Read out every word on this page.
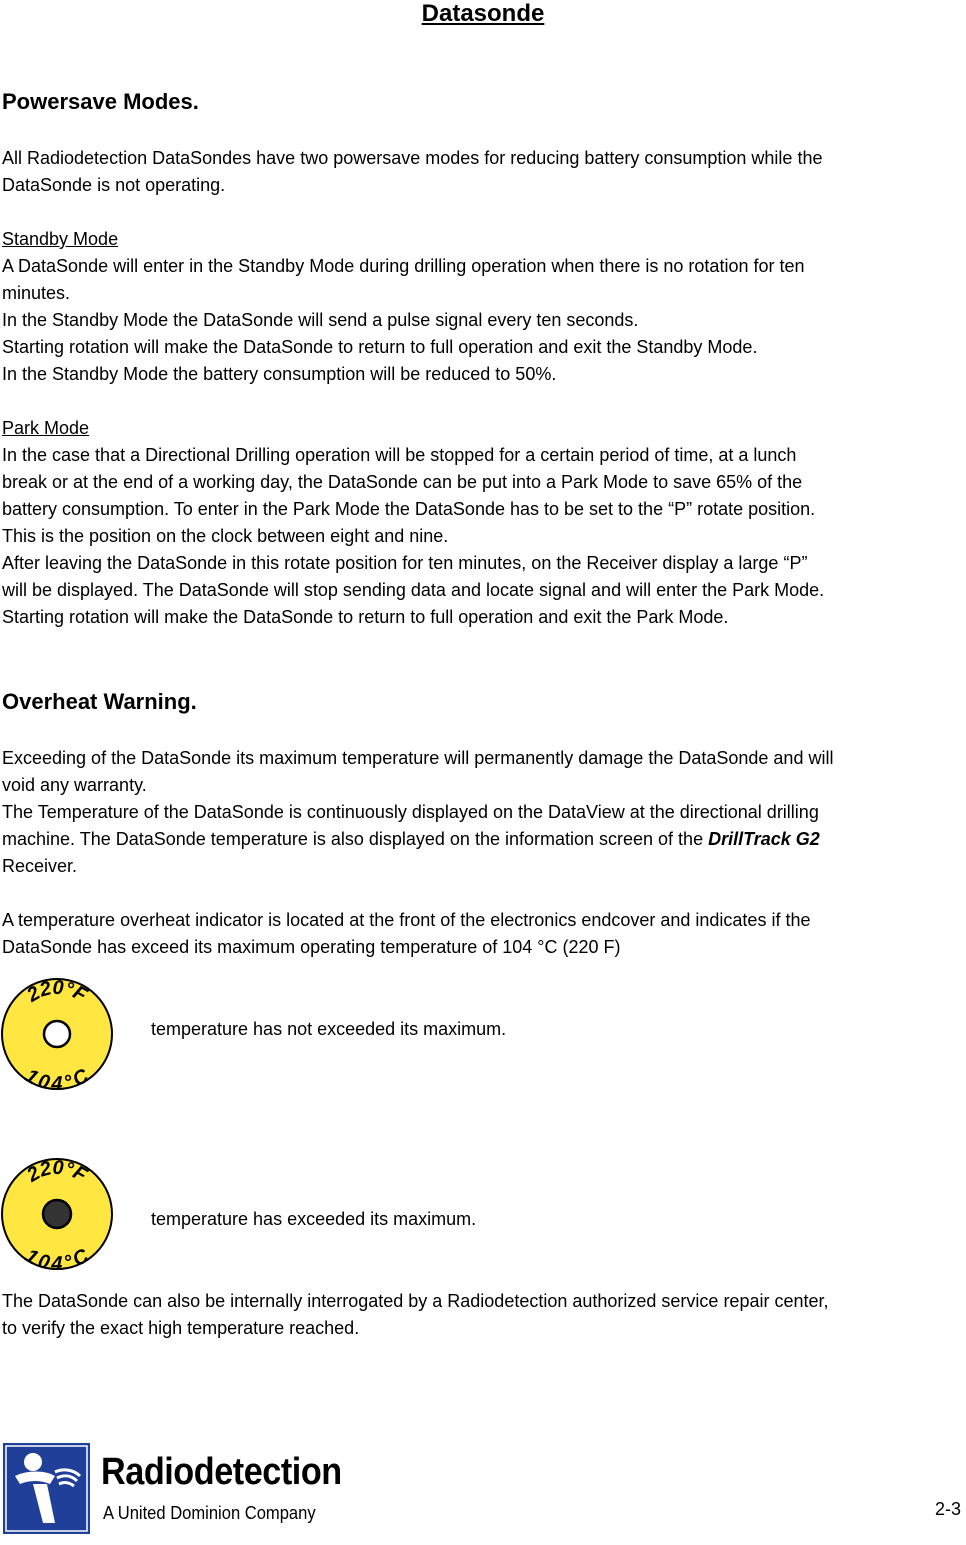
Datasonde
Powersave Modes.
All Radiodetection DataSondes have two powersave modes for reducing battery consumption while the
DataSonde is not operating.
Standby Mode
A DataSonde will enter in the Standby Mode during drilling operation when there is no rotation for ten
minutes.
In the Standby Mode the DataSonde will send a pulse signal every ten seconds.
Starting rotation will make the DataSonde to return to full operation and exit the Standby Mode.
In the Standby Mode the battery consumption will be reduced to 50%.
Park Mode
In the case that a Directional Drilling operation will be stopped for a certain period of time, at a lunch
break or at the end of a working day, the DataSonde can be put into a Park Mode to save 65% of the
battery consumption. To enter in the Park Mode the DataSonde has to be set to the “P” rotate position.
This is the position on the clock between eight and nine.
After leaving the DataSonde in this rotate position for ten minutes, on the Receiver display a large “P”
will be displayed. The DataSonde will stop sending data and locate signal and will enter the Park Mode.
Starting rotation will make the DataSonde to return to full operation and exit the Park Mode.
Overheat Warning.
Exceeding of the DataSonde its maximum temperature will permanently damage the DataSonde and will
void any warranty.
The Temperature of the DataSonde is continuously displayed on the DataView at the directional drilling
machine. The DataSonde temperature is also displayed on the information screen of the DrillTrack G2
Receiver.
A temperature overheat indicator is located at the front of the electronics endcover and indicates if the
DataSonde has exceed its maximum operating temperature of 104 °C (220 F)
220°F
104°C
temperature has not exceeded its maximum.
220°F
104°C
temperature has exceeded its maximum.
The DataSonde can also be internally interrogated by a Radiodetection authorized service repair center,
to verify the exact high temperature reached.
Radiodetection
A United Dominion Company	2-3
